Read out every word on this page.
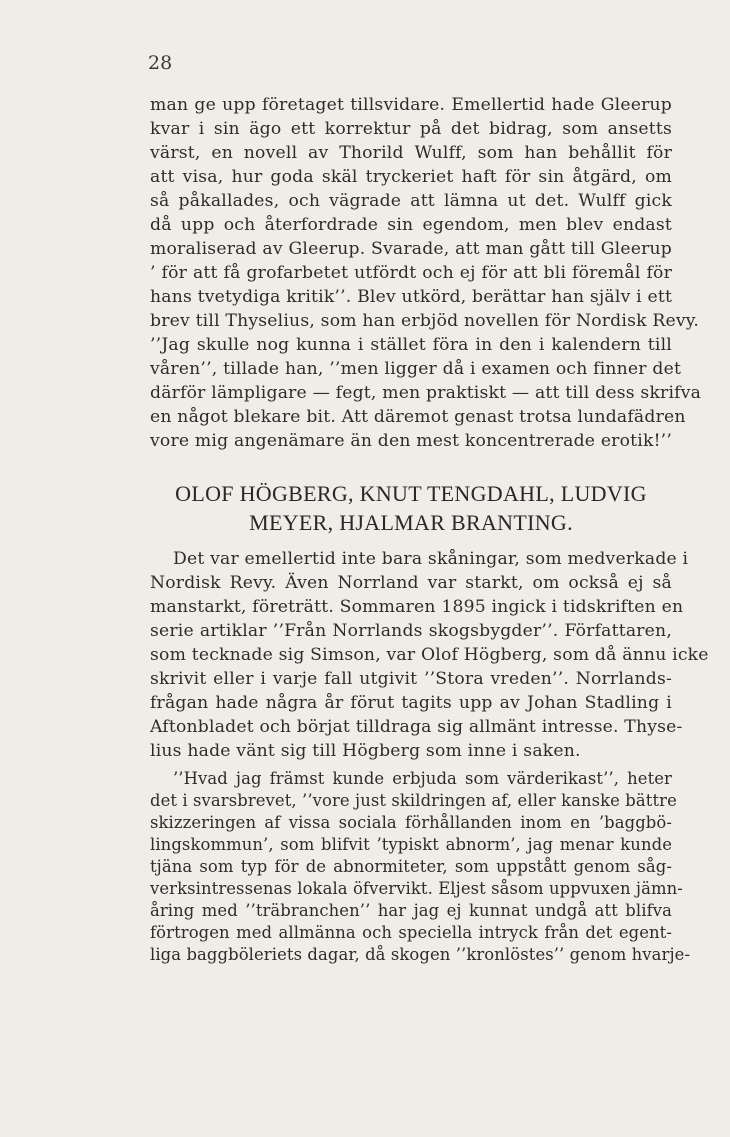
28
man ge upp företaget tillsvidare. Emellertid hade Gleerup
kvar i sin ägo ett korrektur på det bidrag, som ansetts
värst, en novell av Thorild Wulff, som han behållit för
att visa, hur goda skäl tryckeriet haft för sin åtgärd, om
så påkallades, och vägrade att lämna ut det. Wulff gick
då upp och återfordrade sin egendom, men blev endast
moraliserad av Gleerup. Svarade, att man gått till Gleerup
’ för att få grofarbetet utfördt och ej för att bli föremål för
hans tvetydiga kritik’’. Blev utkörd, berättar han själv i ett
brev till Thyselius, som han erbjöd novellen för Nordisk Revy.
’’Jag skulle nog kunna i stället föra in den i kalendern till
våren’’, tillade han, ’’men ligger då i examen och finner det
därför lämpligare — fegt, men praktiskt — att till dess skrifva
en något blekare bit. Att däremot genast trotsa lundafädren
vore mig angenämare än den mest koncentrerade erotik!’’
OLOF HÖGBERG, KNUT TENGDAHL, LUDVIG
MEYER, HJALMAR BRANTING.
Det var emellertid inte bara skåningar, som medverkade i
Nordisk Revy. Även Norrland var starkt, om också ej så
manstarkt, företrätt. Sommaren 1895 ingick i tidskriften en
serie artiklar ’’Från Norrlands skogsbygder’’. Författaren,
som tecknade sig Simson, var Olof Högberg, som då ännu icke
skrivit eller i varje fall utgivit ’’Stora vreden’’. Norrlands-
frågan hade några år förut tagits upp av Johan Stadling i
Aftonbladet och börjat tilldraga sig allmänt intresse. Thyse-
lius hade vänt sig till Högberg som inne i saken.
’’Hvad jag främst kunde erbjuda som värderikast’’, heter
det i svarsbrevet, ’’vore just skildringen af, eller kanske bättre
skizzeringen af vissa sociala förhållanden inom en ’baggbö-
lingskommun’, som blifvit ’typiskt abnorm’, jag menar kunde
tjäna som typ för de abnormiteter, som uppstått genom såg-
verksintressenas lokala öfvervikt. Eljest såsom uppvuxen jämn-
åring med ’’träbranchen’’ har jag ej kunnat undgå att blifva
förtrogen med allmänna och speciella intryck från det egent-
liga baggböleriets dagar, då skogen ’’kronlöstes’’ genom hvarje-
